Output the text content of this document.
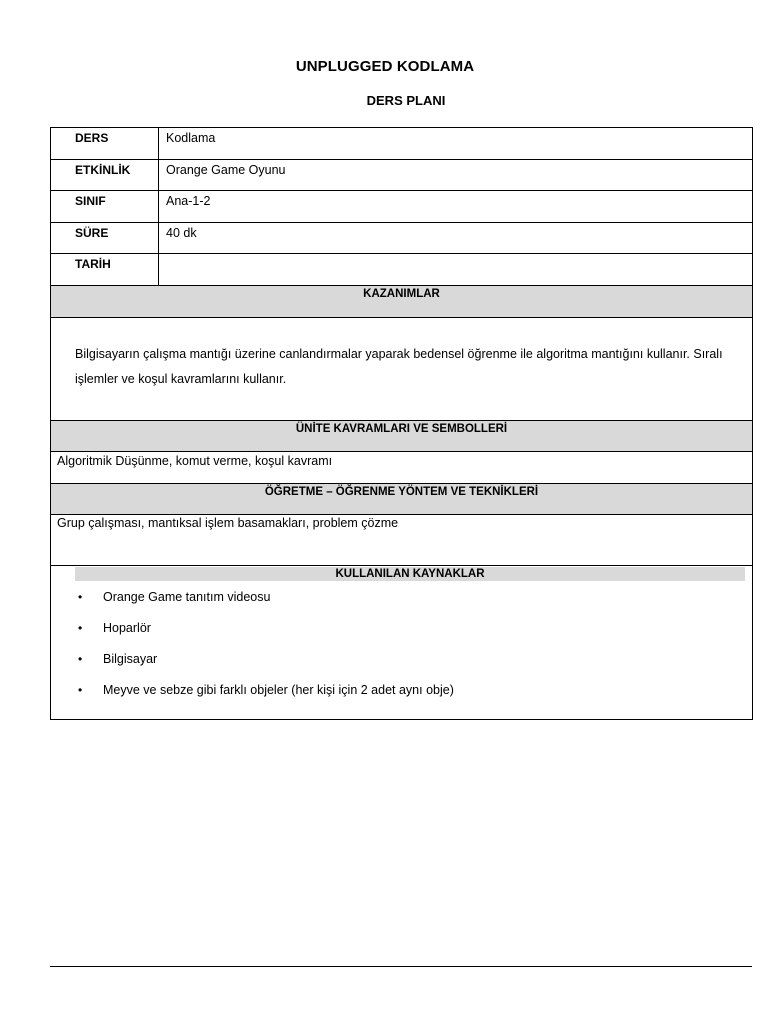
UNPLUGGED KODLAMA
DERS PLANI
DERS	Kodlama
ETKİNLİK	Orange Game Oyunu
SINIF	Ana-1-2
SÜRE	40 dk
TARİH
KAZANIMLAR
Bilgisayarın çalışma mantığı üzerine canlandırmalar yaparak bedensel öğrenme ile algoritma mantığını kullanır. Sıralı işlemler ve koşul kavramlarını kullanır.
ÜNİTE KAVRAMLARI VE SEMBOLLERİ
Algoritmik Düşünme, komut verme, koşul kavramı
ÖĞRETME – ÖĞRENME YÖNTEM VE TEKNİKLERİ
Grup çalışması, mantıksal işlem basamakları, problem çözme
KULLANILAN KAYNAKLAR
• Orange Game tanıtım videosu
• Hoparlör
• Bilgisayar
• Meyve ve sebze gibi farklı objeler (her kişi için 2 adet aynı obje)
